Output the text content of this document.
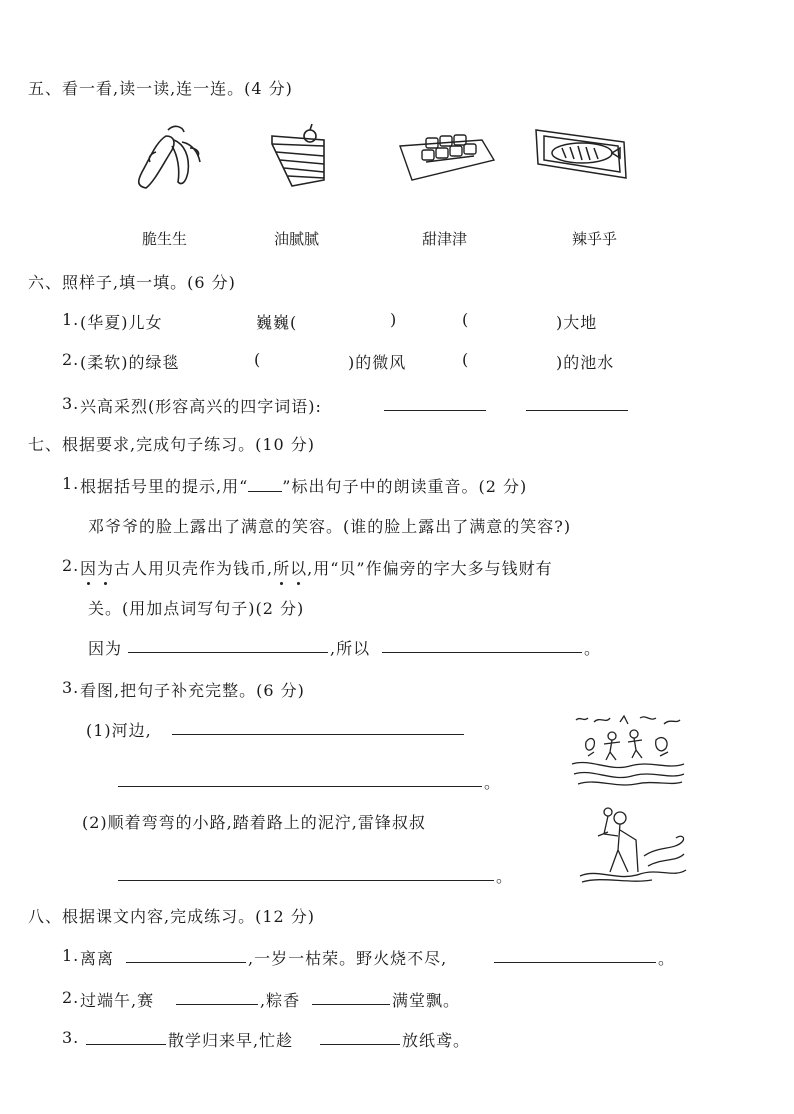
五、看一看,读一读,连一连。(4 分)
脆生生	油腻腻	甜津津	辣乎乎
六、照样子,填一填。(6 分)
1. (华夏)儿女	巍巍(	)	(	)大地
2. (柔软)的绿毯	(	)的微风	(	)的池水
3. 兴高采烈(形容高兴的四字词语):
七、根据要求,完成句子练习。(10 分)
1. 根据括号里的提示,用“ ”标出句子中的朗读重音。(2 分)
邓爷爷的脸上露出了满意的笑容。(谁的脸上露出了满意的笑容?)
2. 因为古人用贝壳作为钱币,所以,用“贝”作偏旁的字大多与钱财有
关。(用加点词写句子)(2 分)
因为	,所以	。
3. 看图,把句子补充完整。(6 分)
(1)河边,
。
(2)顺着弯弯的小路,踏着路上的泥泞,雷锋叔叔
。
八、根据课文内容,完成练习。(12 分)
1. 离离	,一岁一枯荣。野火烧不尽,	。
2. 过端午,赛	,粽香	满堂飘。
3.	散学归来早,忙趁	放纸鸢。
